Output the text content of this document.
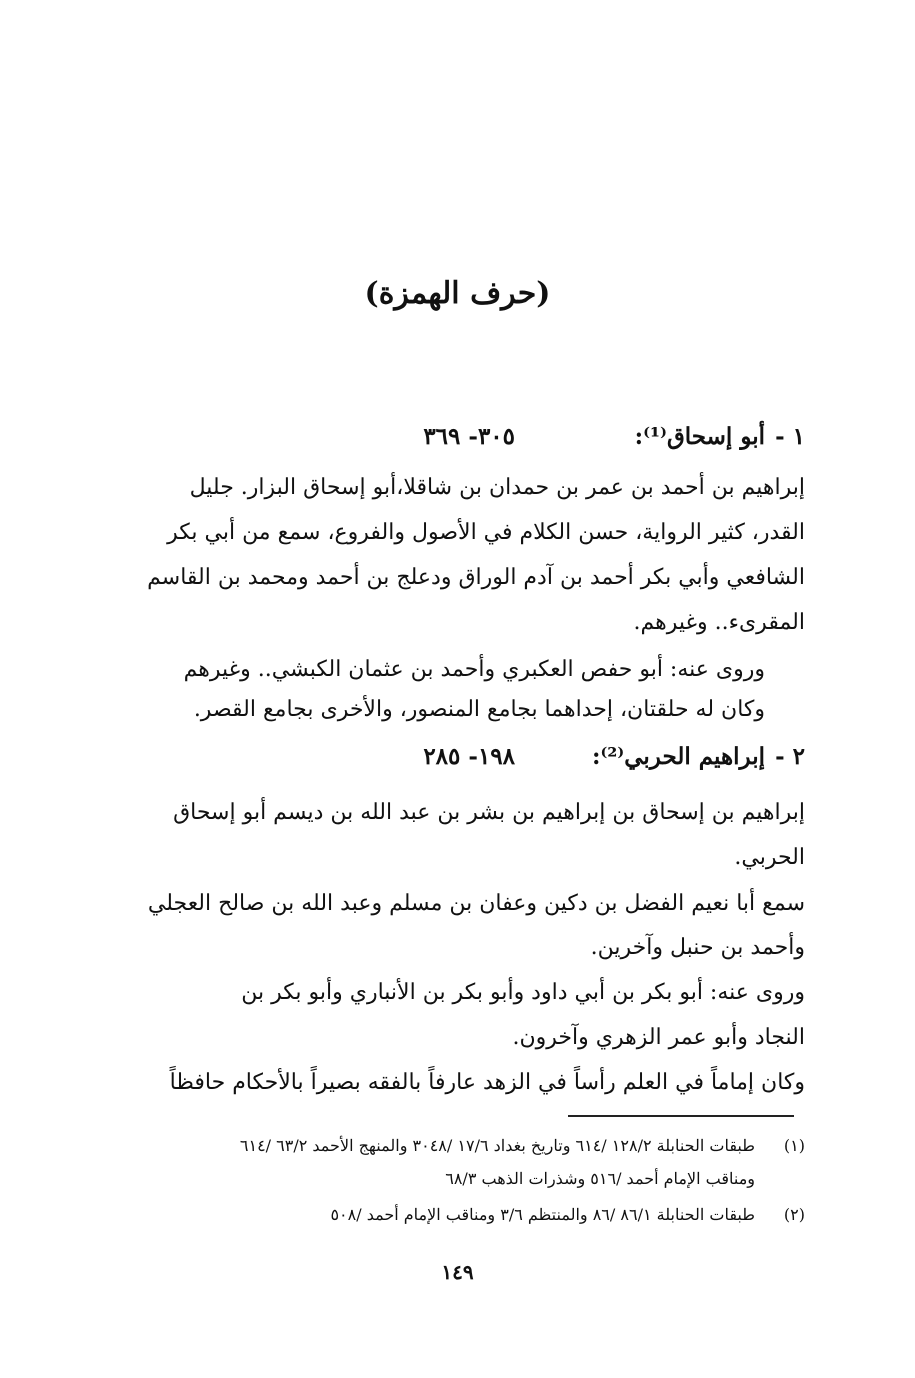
(حرف الهمزة)
١ -
أبو إسحاق⁽¹⁾:
٣٠٥- ٣٦٩
إبراهيم بن أحمد بن عمر بن حمدان بن شاقلا،أبو إسحاق البزار. جليل
القدر، كثير الرواية، حسن الكلام في الأصول والفروع، سمع من أبي بكر
الشافعي وأبي بكر أحمد بن آدم الوراق ودعلج بن أحمد ومحمد بن القاسم
المقرىء.. وغيرهم.
وروى عنه: أبو حفص العكبري وأحمد بن عثمان الكبشي.. وغيرهم
وكان له حلقتان، إحداهما بجامع المنصور، والأخرى بجامع القصر.
٢ -
إبراهيم الحربي⁽²⁾:
١٩٨- ٢٨٥
إبراهيم بن إسحاق بن إبراهيم بن بشر بن عبد الله بن ديسم أبو إسحاق
الحربي.
سمع أبا نعيم الفضل بن دكين وعفان بن مسلم وعبد الله بن صالح العجلي
وأحمد بن حنبل وآخرين.
وروى عنه: أبو بكر بن أبي داود وأبو بكر بن الأنباري وأبو بكر بن
النجاد وأبو عمر الزهري وآخرون.
وكان إماماً في العلم رأساً في الزهد عارفاً بالفقه بصيراً بالأحكام حافظاً
(١)
طبقات الحنابلة ١٢٨/٢ /٦١٤ وتاريخ بغداد ١٧/٦ /٣٠٤٨ والمنهج الأحمد ٦٣/٢ /٦١٤
ومناقب الإمام أحمد /٥١٦ وشذرات الذهب ٦٨/٣
(٢)
طبقات الحنابلة ٨٦/١ /٨٦ والمنتظم ٣/٦ ومناقب الإمام أحمد /٥٠٨
١٤٩
